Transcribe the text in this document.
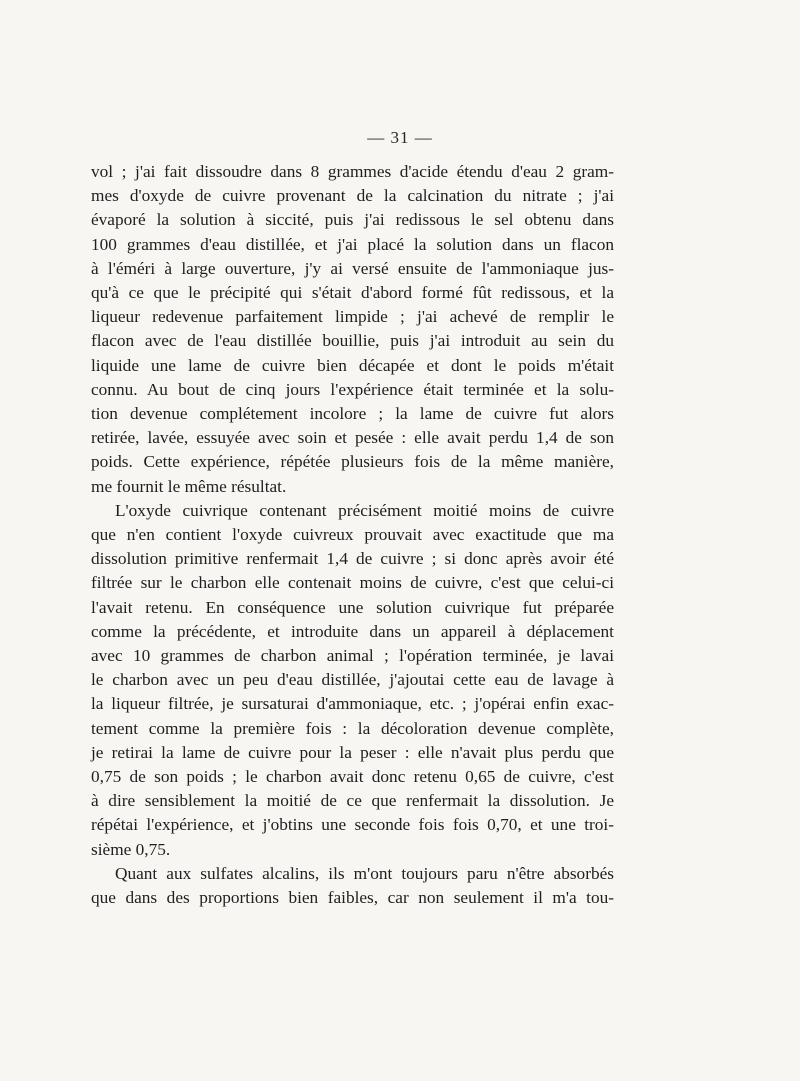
— 31 —
vol ; j'ai fait dissoudre dans 8 grammes d'acide étendu d'eau 2 gram-
mes d'oxyde de cuivre provenant de la calcination du nitrate ; j'ai
évaporé la solution à siccité, puis j'ai redissous le sel obtenu dans
100 grammes d'eau distillée, et j'ai placé la solution dans un flacon
à l'éméri à large ouverture, j'y ai versé ensuite de l'ammoniaque jus-
qu'à ce que le précipité qui s'était d'abord formé fût redissous, et la
liqueur redevenue parfaitement limpide ; j'ai achevé de remplir le
flacon avec de l'eau distillée bouillie, puis j'ai introduit au sein du
liquide une lame de cuivre bien décapée et dont le poids m'était
connu. Au bout de cinq jours l'expérience était terminée et la solu-
tion devenue complétement incolore ; la lame de cuivre fut alors
retirée, lavée, essuyée avec soin et pesée : elle avait perdu 1,4 de son
poids. Cette expérience, répétée plusieurs fois de la même manière,
me fournit le même résultat.
L'oxyde cuivrique contenant précisément moitié moins de cuivre
que n'en contient l'oxyde cuivreux prouvait avec exactitude que ma
dissolution primitive renfermait 1,4 de cuivre ; si donc après avoir été
filtrée sur le charbon elle contenait moins de cuivre, c'est que celui-ci
l'avait retenu. En conséquence une solution cuivrique fut préparée
comme la précédente, et introduite dans un appareil à déplacement
avec 10 grammes de charbon animal ; l'opération terminée, je lavai
le charbon avec un peu d'eau distillée, j'ajoutai cette eau de lavage à
la liqueur filtrée, je sursaturai d'ammoniaque, etc. ; j'opérai enfin exac-
tement comme la première fois : la décoloration devenue complète,
je retirai la lame de cuivre pour la peser : elle n'avait plus perdu que
0,75 de son poids ; le charbon avait donc retenu 0,65 de cuivre, c'est
à dire sensiblement la moitié de ce que renfermait la dissolution. Je
répétai l'expérience, et j'obtins une seconde fois fois 0,70, et une troi-
sième 0,75.
Quant aux sulfates alcalins, ils m'ont toujours paru n'être absorbés
que dans des proportions bien faibles, car non seulement il m'a tou-
